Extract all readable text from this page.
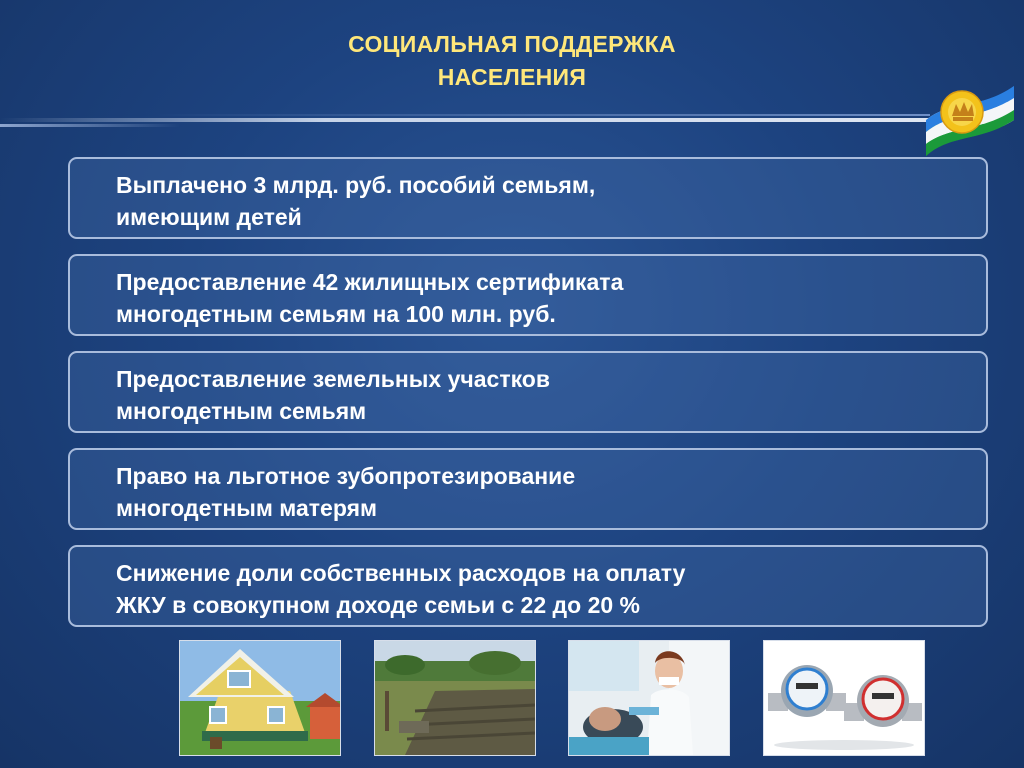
СОЦИАЛЬНАЯ ПОДДЕРЖКА
НАСЕЛЕНИЯ
Выплачено 3 млрд. руб. пособий семьям,
имеющим детей
Предоставление 42 жилищных сертификата
многодетным семьям на 100 млн. руб.
Предоставление земельных участков
многодетным семьям
Право на льготное зубопротезирование
многодетным матерям
Снижение доли собственных расходов на оплату
ЖКУ в совокупном доходе семьи с 22 до 20 %
